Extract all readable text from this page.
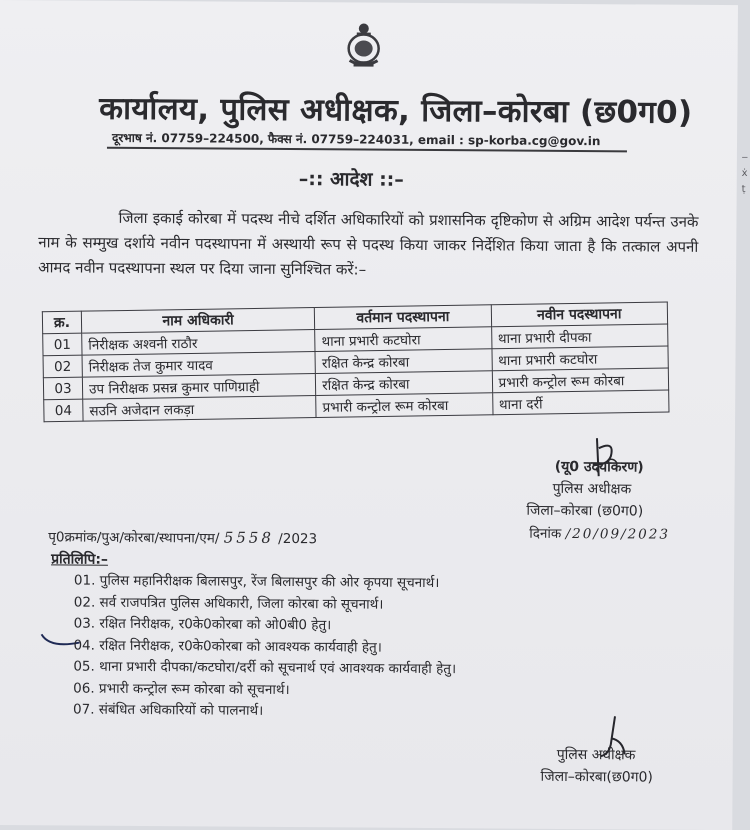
कार्यालय, पुलिस अधीक्षक, जिला–कोरबा (छ0ग0)
दूरभाष नं. 07759–224500, फैक्स नं. 07759–224031, email : sp-korba.cg@gov.in
–:: आदेश ::–
जिला इकाई कोरबा में पदस्थ नीचे दर्शित अधिकारियों को प्रशासनिक दृष्टिकोण से अग्रिम आदेश पर्यन्त उनके नाम के सम्मुख दर्शाये नवीन पदस्थापना में अस्थायी रूप से पदस्थ किया जाकर निर्देशित किया जाता है कि तत्काल अपनी आमद नवीन पदस्थापना स्थल पर दिया जाना सुनिश्चित करें:–
क्र.	नाम अधिकारी	वर्तमान पदस्थापना	नवीन पदस्थापना
01	निरीक्षक अश्वनी राठौर	थाना प्रभारी कटघोरा	थाना प्रभारी दीपका
02	निरीक्षक तेज कुमार यादव	रक्षित केन्द्र कोरबा	थाना प्रभारी कटघोरा
03	उप निरीक्षक प्रसन्न कुमार पाणिग्राही	रक्षित केन्द्र कोरबा	प्रभारी कन्ट्रोल रूम कोरबा
04	सउनि अजेदान लकड़ा	प्रभारी कन्ट्रोल रूम कोरबा	थाना दर्री
(यू0 उदयकिरण)
पुलिस अधीक्षक
जिला–कोरबा (छ0ग0)
पृ0क्रमांक/पुअ/कोरबा/स्थापना/एम/ 5558 /2023	दिनांक /20/09/2023
प्रतिलिपि:–
01. पुलिस महानिरीक्षक बिलासपुर, रेंज बिलासपुर की ओर कृपया सूचनार्थ।
02. सर्व राजपत्रित पुलिस अधिकारी, जिला कोरबा को सूचनार्थ।
03. रक्षित निरीक्षक, र0के0कोरबा को ओ0बी0 हेतु।
04. रक्षित निरीक्षक, र0के0कोरबा को आवश्यक कार्यवाही हेतु।
05. थाना प्रभारी दीपका/कटघोरा/दर्री को सूचनार्थ एवं आवश्यक कार्यवाही हेतु।
06. प्रभारी कन्ट्रोल रूम कोरबा को सूचनार्थ।
07. संबंधित अधिकारियों को पालनार्थ।
पुलिस अधीक्षक
जिला–कोरबा(छ0ग0)
‒
ẋ
ṭ
